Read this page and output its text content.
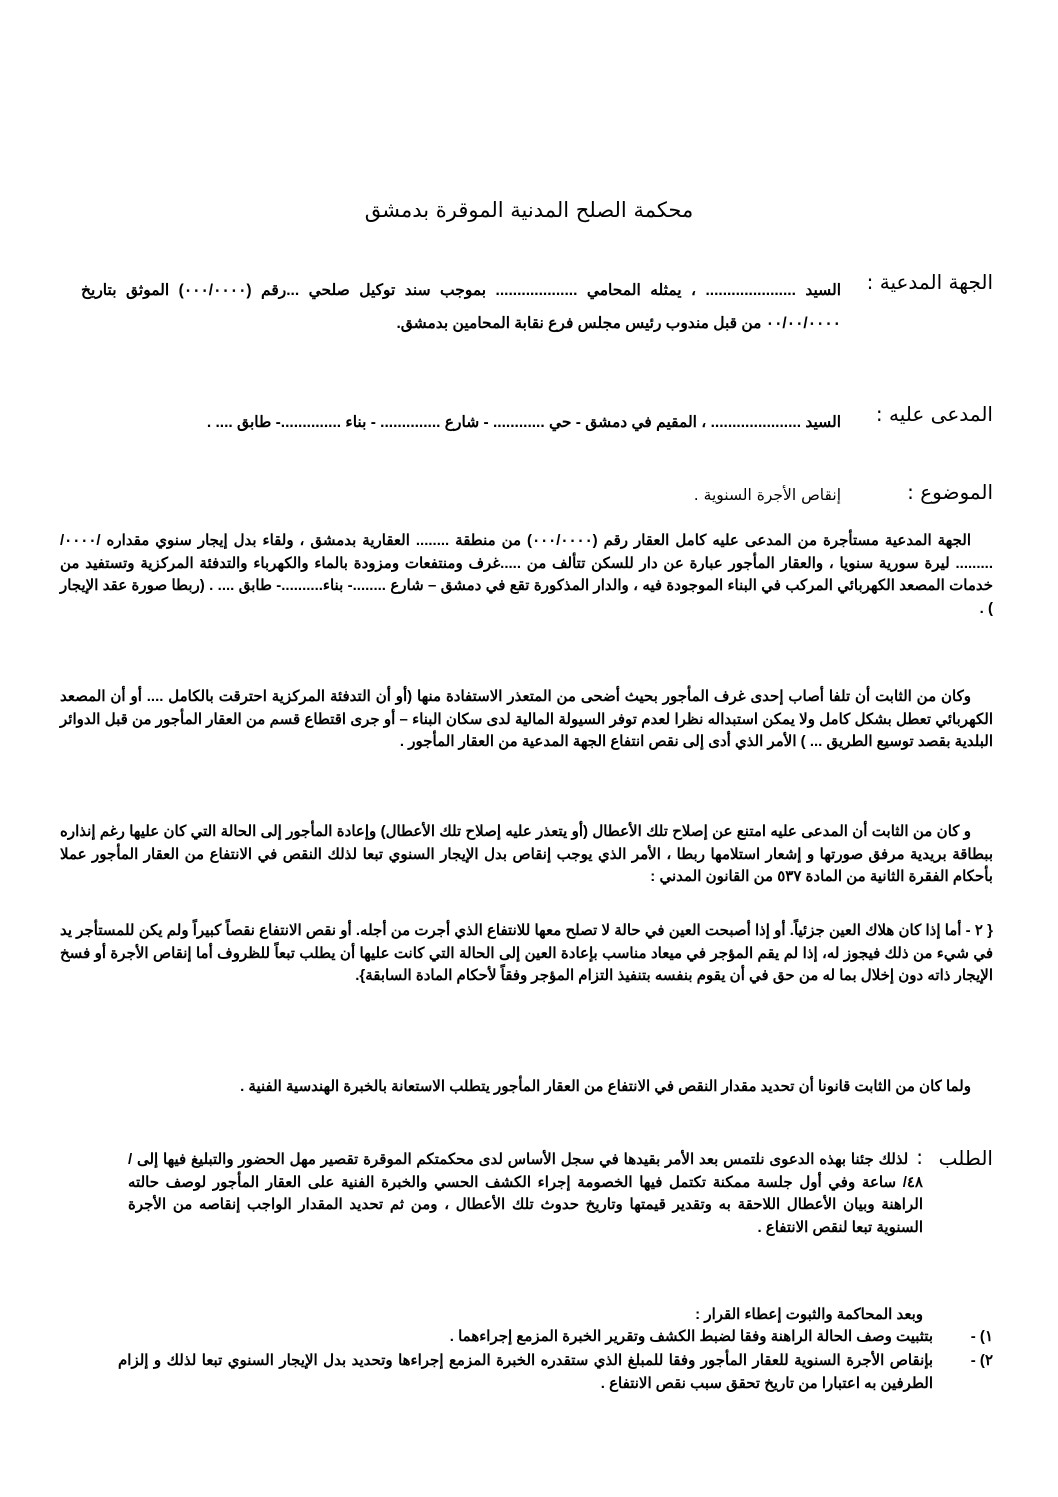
محكمة الصلح المدنية الموقرة بدمشق
الجهة المدعية :
السيد ..................... ، يمثله المحامي ................... بموجب سند توكيل صلحي ...رقم (٠٠٠/٠٠٠٠) الموثق بتاريخ ٠٠/٠٠/٠٠٠٠ من قبل مندوب رئيس مجلس فرع نقابة المحامين بدمشق.
المدعى عليه :
السيد ..................... ، المقيم في دمشق - حي ............ - شارع .............. - بناء ..............- طابق .... .
الموضوع :
إنقاص الأجرة السنوية .
الجهة المدعية مستأجرة من المدعى عليه كامل العقار رقم (٠٠٠/٠٠٠٠) من منطقة ........ العقارية بدمشق ، ولقاء بدل إيجار سنوي مقداره /٠٠٠٠/ ......... ليرة سورية سنويا ، والعقار المأجور عبارة عن دار للسكن تتألف من .....غرف ومنتفعات ومزودة بالماء والكهرباء والتدفئة المركزية وتستفيد من خدمات المصعد الكهربائي المركب في البناء الموجودة فيه ، والدار المذكورة تقع في دمشق – شارع ........- بناء..........- طابق .... . (ربطا صورة عقد الإيجار ) .
وكان من الثابت أن تلفا أصاب إحدى غرف المأجور بحيث أضحى من المتعذر الاستفادة منها (أو أن التدفئة المركزية احترقت بالكامل .... أو أن المصعد الكهربائي تعطل بشكل كامل ولا يمكن استبداله نظرا لعدم توفر السيولة المالية لدى سكان البناء – أو جرى اقتطاع قسم من العقار المأجور من قبل الدوائر البلدية بقصد توسيع الطريق ... ) الأمر الذي أدى إلى نقص انتفاع الجهة المدعية من العقار المأجور .
و كان من الثابت أن المدعى عليه امتنع عن إصلاح تلك الأعطال (أو يتعذر عليه إصلاح تلك الأعطال) وإعادة المأجور إلى الحالة التي كان عليها رغم إنذاره ببطاقة بريدية مرفق صورتها و إشعار استلامها ربطا ، الأمر الذي يوجب إنقاص بدل الإيجار السنوي تبعا لذلك النقص في الانتفاع من العقار المأجور عملا بأحكام الفقرة الثانية من المادة ٥٣٧ من القانون المدني :
{ ٢ - أما إذا كان هلاك العين جزئياً. أو إذا أصبحت العين في حالة لا تصلح معها للانتفاع الذي أجرت من أجله. أو نقص الانتفاع نقصاً كبيراً ولم يكن للمستأجر يد في شيء من ذلك فيجوز له، إذا لم يقم المؤجر في ميعاد مناسب بإعادة العين إلى الحالة التي كانت عليها أن يطلب تبعاً للظروف أما إنقاص الأجرة أو فسخ الإيجار ذاته دون إخلال بما له من حق في أن يقوم بنفسه بتنفيذ التزام المؤجر وفقاً لأحكام المادة السابقة}.
ولما كان من الثابت قانونا أن تحديد مقدار النقص في الانتفاع من العقار المأجور يتطلب الاستعانة بالخبرة الهندسية الفنية .
الطلب
:لذلك جئنا بهذه الدعوى نلتمس بعد الأمر بقيدها في سجل الأساس لدى محكمتكم الموقرة تقصير مهل الحضور والتبليغ فيها إلى /٤٨/ ساعة وفي أول جلسة ممكنة تكتمل فيها الخصومة إجراء الكشف الحسي والخبرة الفنية على العقار المأجور لوصف حالته الراهنة وبيان الأعطال اللاحقة به وتقدير قيمتها وتاريخ حدوث تلك الأعطال ، ومن ثم تحديد المقدار الواجب إنقاصه من الأجرة السنوية تبعا لنقص الانتفاع .
وبعد المحاكمة والثبوت إعطاء القرار :
١) -
بتثبيت وصف الحالة الراهنة وفقا لضبط الكشف وتقرير الخبرة المزمع إجراءهما .
٢) -
بإنقاص الأجرة السنوية للعقار المأجور وفقا للمبلغ الذي ستقدره الخبرة المزمع إجراءها وتحديد بدل الإيجار السنوي تبعا لذلك و إلزام الطرفين به اعتبارا من تاريخ تحقق سبب نقص الانتفاع .
